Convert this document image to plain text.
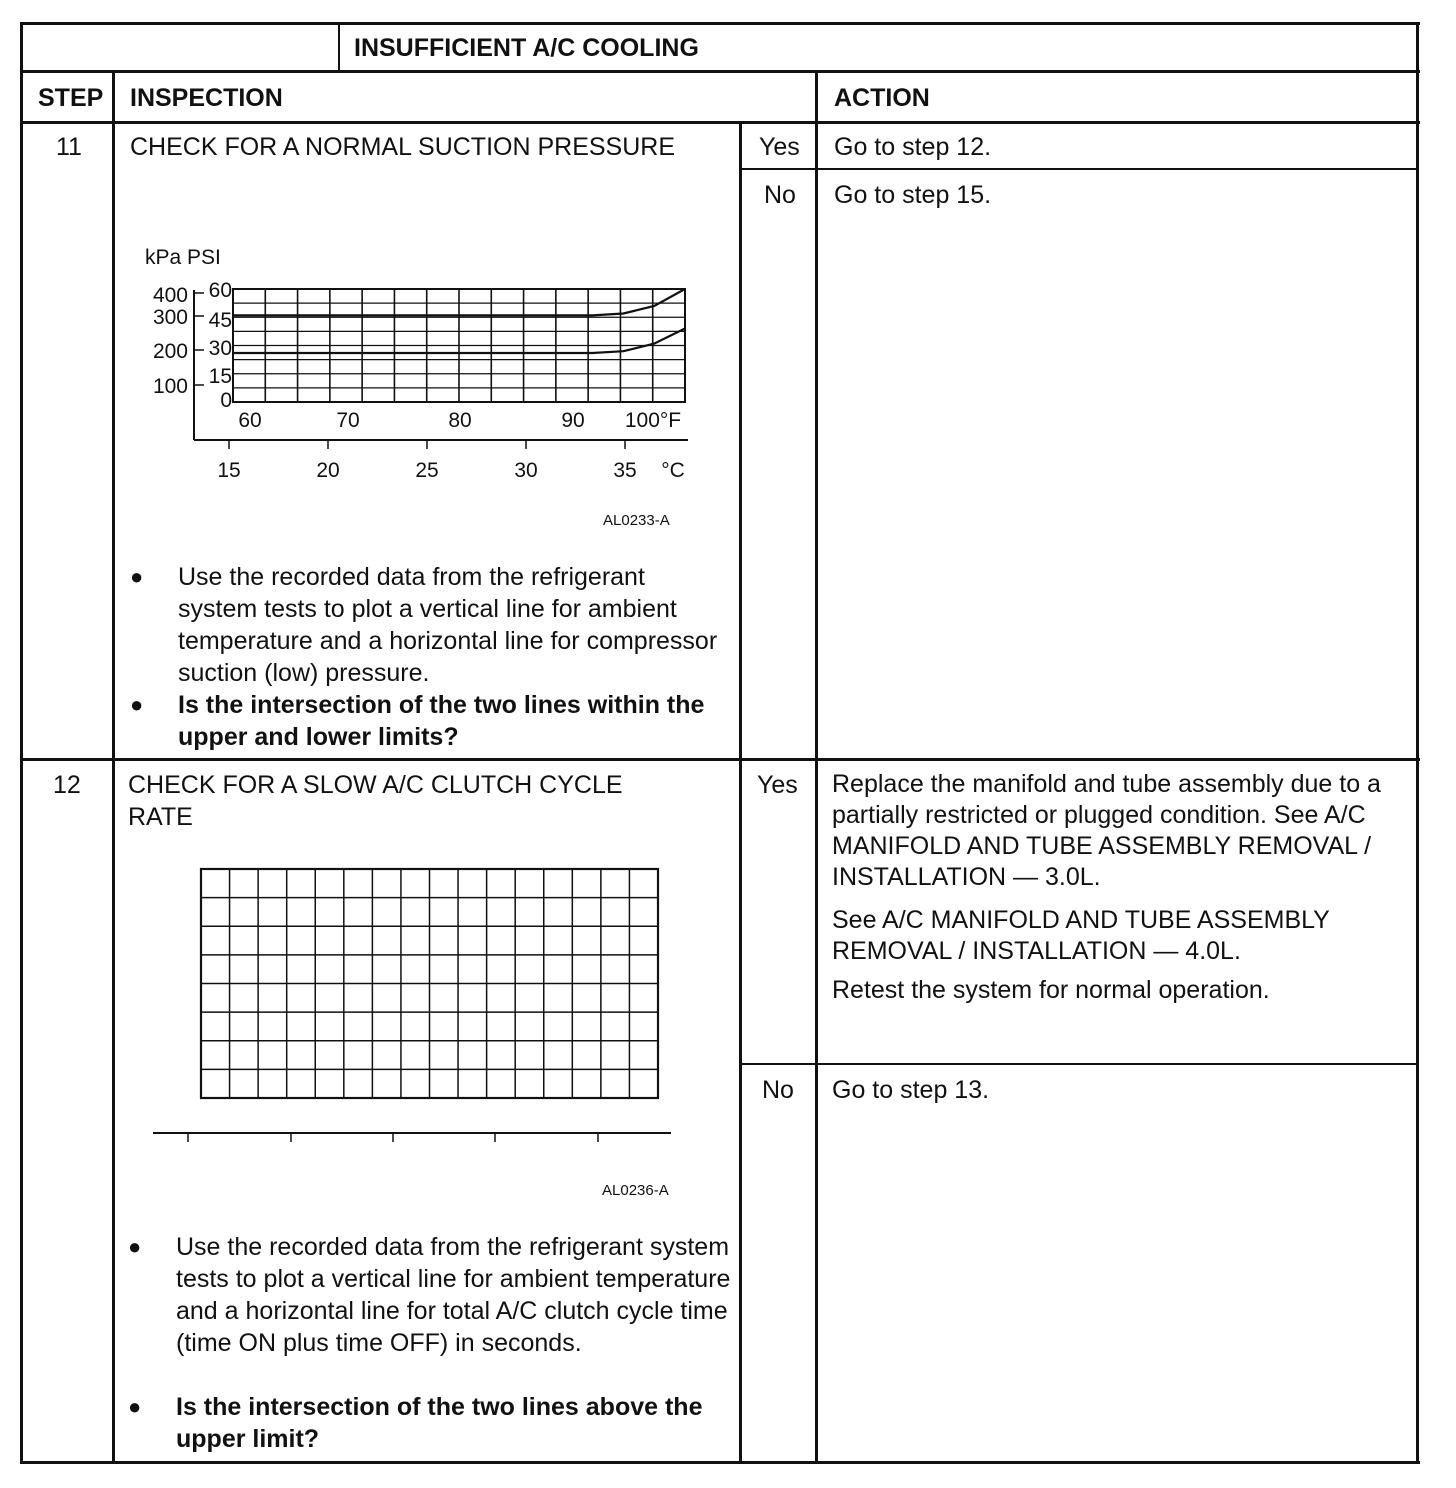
INSUFFICIENT A/C COOLING
STEP INSPECTION	ACTION
11 CHECK FOR A NORMAL SUCTION PRESSURE	Yes Go to step 12.
No Go to step 15.
kPa PSI
400
300
200
100
60
45
30
15
0
60	70	80	90 100°F
15	20	25	30	35 °C
AL0233-A
● Use the recorded data from the refrigerant system tests to plot a vertical line for ambient temperature and a horizontal line for compressor suction (low) pressure.
● Is the intersection of the two lines within the upper and lower limits?
12 CHECK FOR A SLOW A/C CLUTCH CYCLE
RATE
Yes Replace the manifold and tube assembly due to a partially restricted or plugged condition. See A/C MANIFOLD AND TUBE ASSEMBLY REMOVAL / INSTALLATION — 3.0L.
See A/C MANIFOLD AND TUBE ASSEMBLY REMOVAL / INSTALLATION — 4.0L.
Retest the system for normal operation.
No Go to step 13.
AL0236-A
● Use the recorded data from the refrigerant system tests to plot a vertical line for ambient temperature and a horizontal line for total A/C clutch cycle time (time ON plus time OFF) in seconds.
● Is the intersection of the two lines above the upper limit?
